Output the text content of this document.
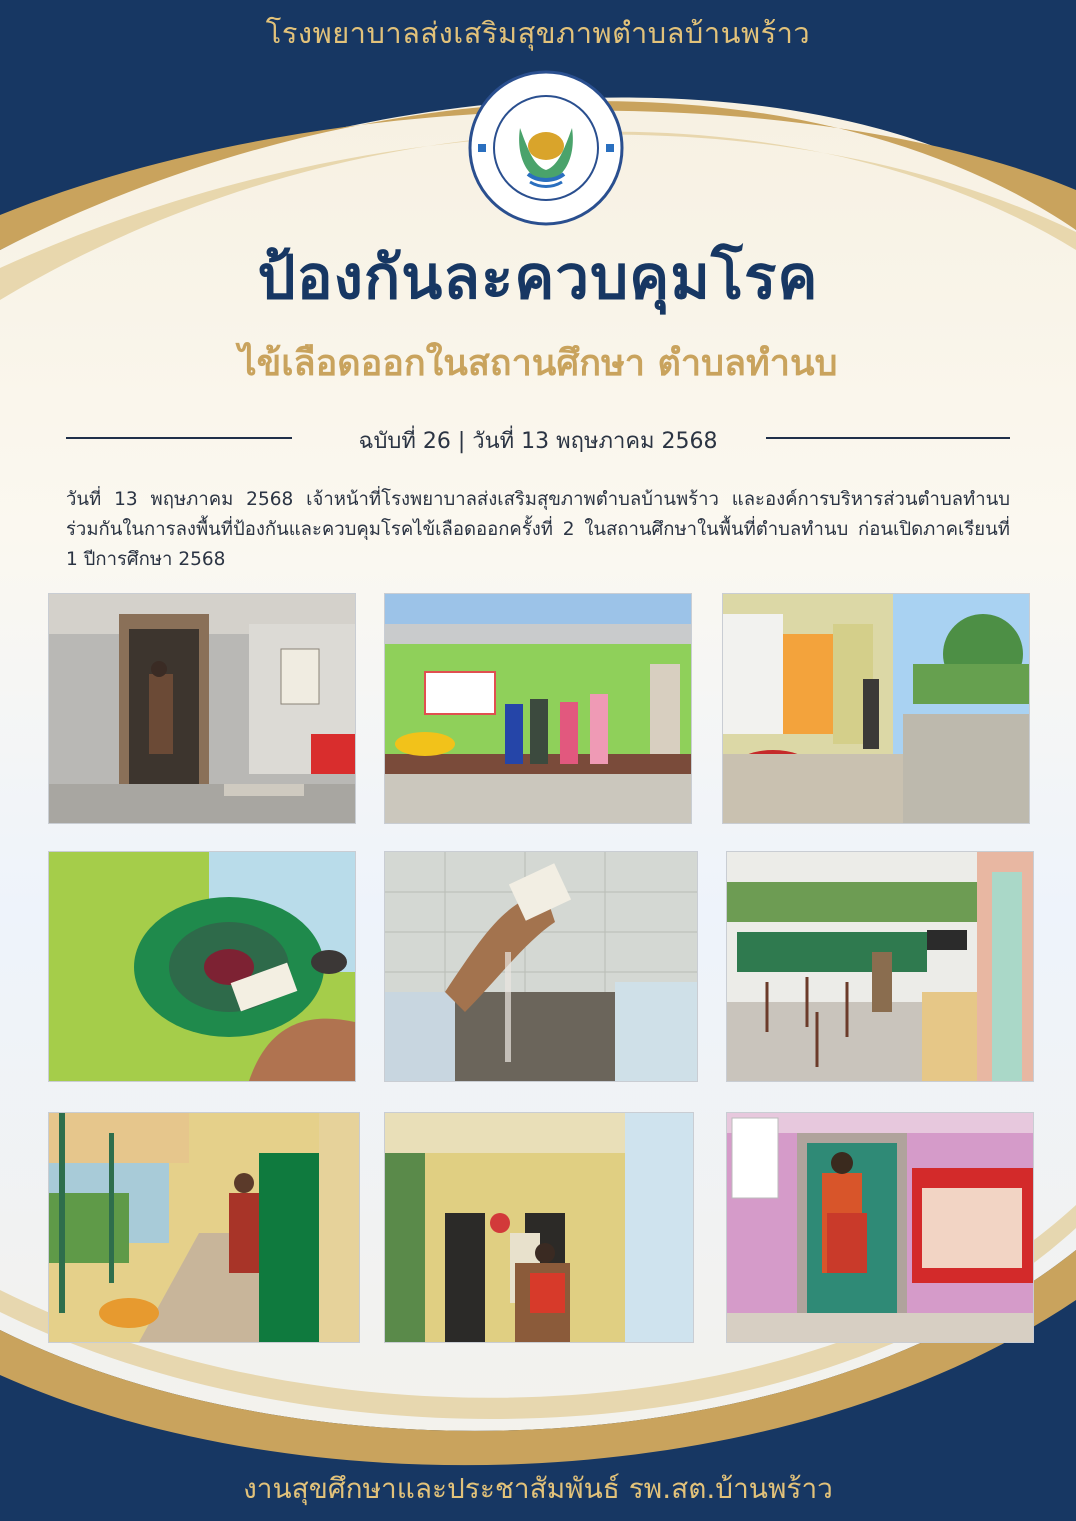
โรงพยาบาลส่งเสริมสุขภาพตำบลบ้านพร้าว
ป้องกันละควบคุมโรค
ไข้เลือดออกในสถานศึกษา ตำบลทำนบ
ฉบับที่ 26 | วันที่ 13 พฤษภาคม 2568
วันที่ 13 พฤษภาคม 2568 เจ้าหน้าที่โรงพยาบาลส่งเสริมสุขภาพตำบลบ้านพร้าว และองค์การบริหารส่วนตำบลทำนบ ร่วมกันในการลงพื้นที่ป้องกันและควบคุมโรคไข้เลือดออกครั้งที่ 2 ในสถานศึกษาในพื้นที่ตำบลทำนบ ก่อนเปิดภาคเรียนที่ 1 ปีการศึกษา 2568
งานสุขศึกษาและประชาสัมพันธ์ รพ.สต.บ้านพร้าว
